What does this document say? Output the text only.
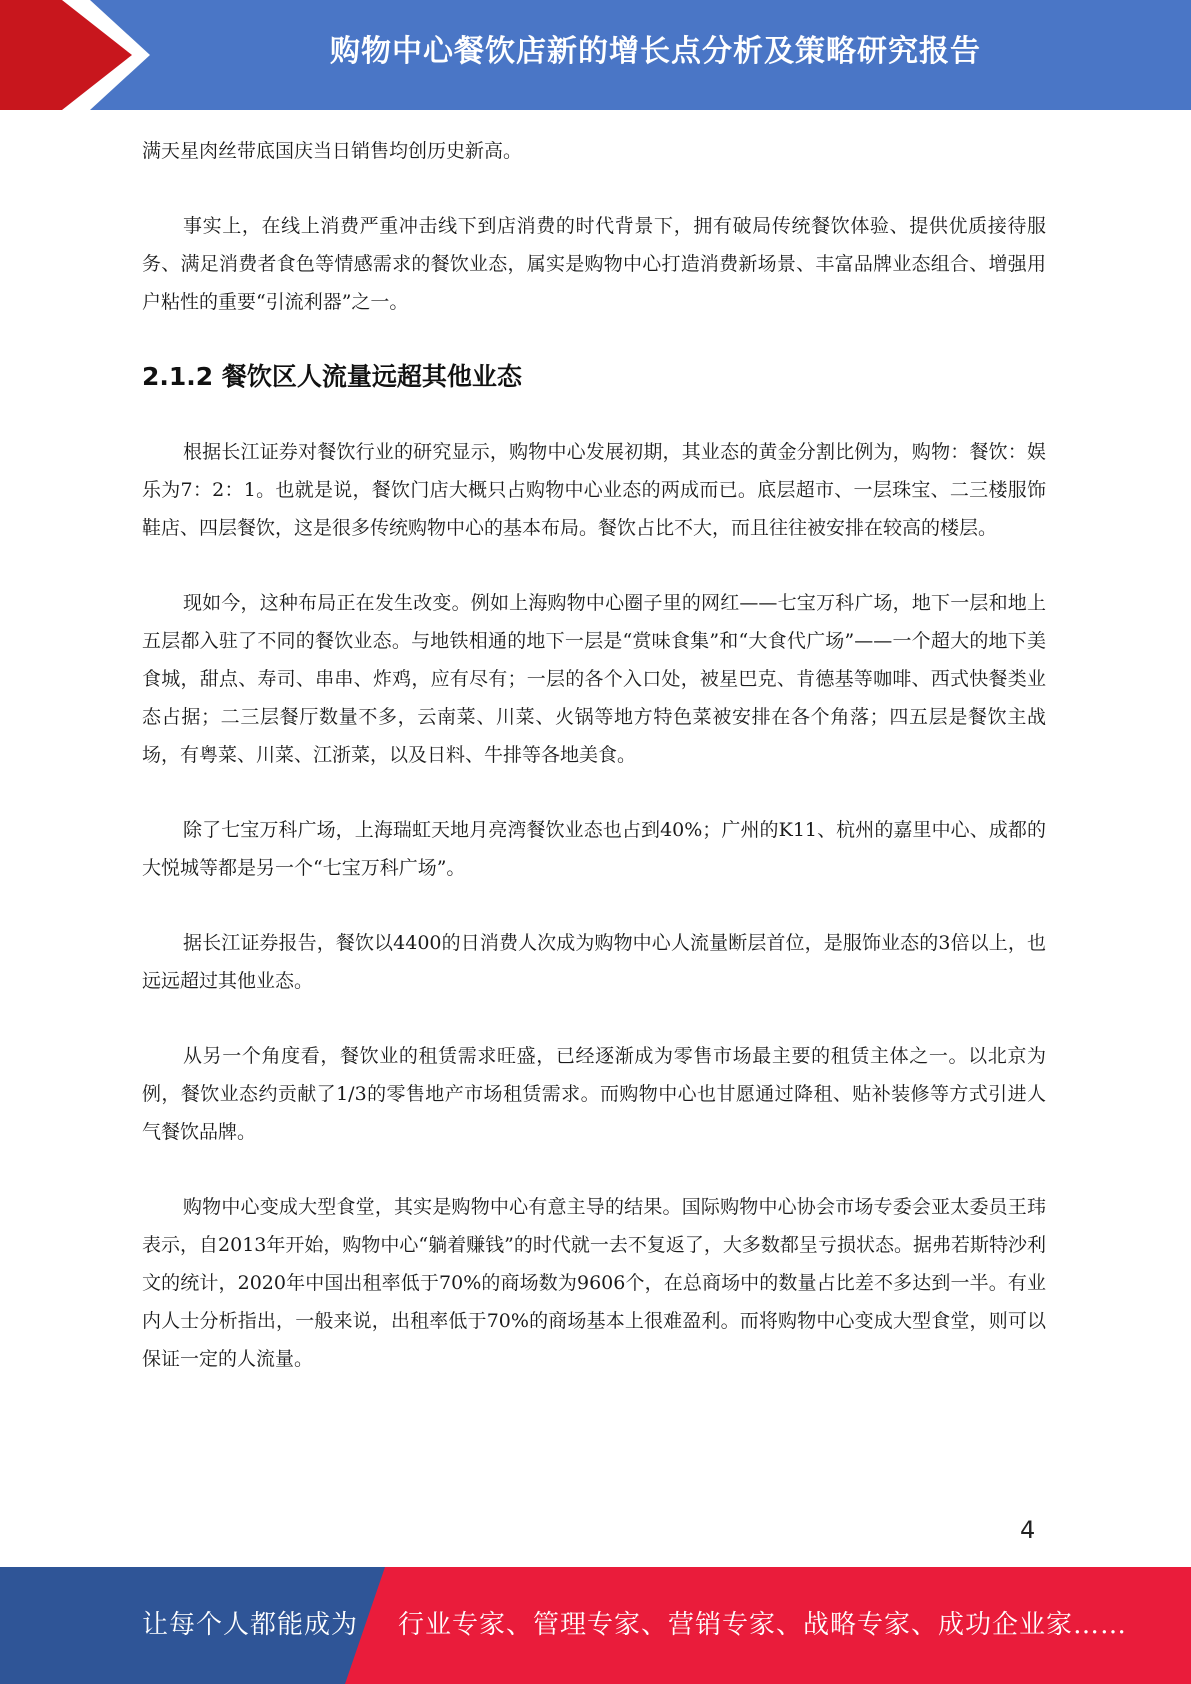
购物中心餐饮店新的增长点分析及策略研究报告

满天星肉丝带底国庆当日销售均创历史新高。

事实上，在线上消费严重冲击线下到店消费的时代背景下，拥有破局传统餐饮体验、提供优质接待服务、满足消费者食色等情感需求的餐饮业态，属实是购物中心打造消费新场景、丰富品牌业态组合、增强用户粘性的重要“引流利器”之一。

2.1.2 餐饮区人流量远超其他业态

根据长江证券对餐饮行业的研究显示，购物中心发展初期，其业态的黄金分割比例为，购物：餐饮：娱乐为7：2：1。也就是说，餐饮门店大概只占购物中心业态的两成而已。底层超市、一层珠宝、二三楼服饰鞋店、四层餐饮，这是很多传统购物中心的基本布局。餐饮占比不大，而且往往被安排在较高的楼层。

现如今，这种布局正在发生改变。例如上海购物中心圈子里的网红——七宝万科广场，地下一层和地上五层都入驻了不同的餐饮业态。与地铁相通的地下一层是“赏味食集”和“大食代广场”——一个超大的地下美食城，甜点、寿司、串串、炸鸡，应有尽有；一层的各个入口处，被星巴克、肯德基等咖啡、西式快餐类业态占据；二三层餐厅数量不多，云南菜、川菜、火锅等地方特色菜被安排在各个角落；四五层是餐饮主战场，有粤菜、川菜、江浙菜，以及日料、牛排等各地美食。

除了七宝万科广场，上海瑞虹天地月亮湾餐饮业态也占到40%；广州的K11、杭州的嘉里中心、成都的大悦城等都是另一个“七宝万科广场”。

据长江证券报告，餐饮以4400的日消费人次成为购物中心人流量断层首位，是服饰业态的3倍以上，也远远超过其他业态。

从另一个角度看，餐饮业的租赁需求旺盛，已经逐渐成为零售市场最主要的租赁主体之一。以北京为例，餐饮业态约贡献了1/3的零售地产市场租赁需求。而购物中心也甘愿通过降租、贴补装修等方式引进人气餐饮品牌。

购物中心变成大型食堂，其实是购物中心有意主导的结果。国际购物中心协会市场专委会亚太委员王玮表示，自2013年开始，购物中心“躺着赚钱”的时代就一去不复返了，大多数都呈亏损状态。据弗若斯特沙利文的统计，2020年中国出租率低于70%的商场数为9606个，在总商场中的数量占比差不多达到一半。有业内人士分析指出，一般来说，出租率低于70%的商场基本上很难盈利。而将购物中心变成大型食堂，则可以保证一定的人流量。

4
让每个人都能成为 行业专家、管理专家、营销专家、战略专家、成功企业家……
